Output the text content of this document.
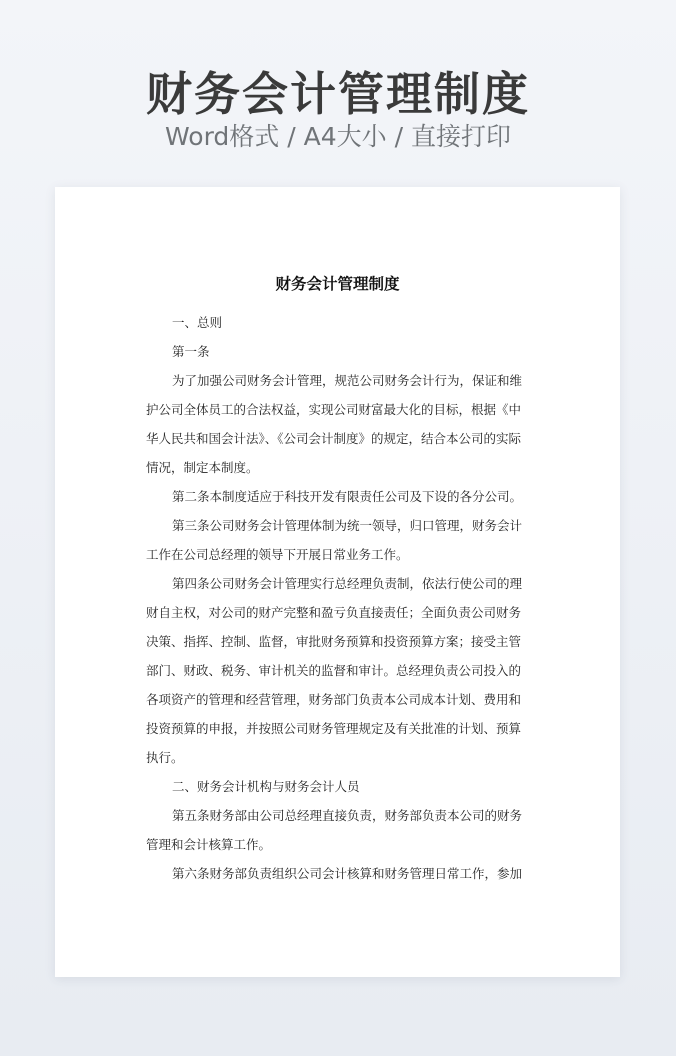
财务会计管理制度
Word格式 / A4大小 / 直接打印
财务会计管理制度

一、总则

第一条

为了加强公司财务会计管理，规范公司财务会计行为，保证和维

护公司全体员工的合法权益，实现公司财富最大化的目标，根据《中

华人民共和国会计法》、《公司会计制度》的规定，结合本公司的实际

情况，制定本制度。

第二条本制度适应于科技开发有限责任公司及下设的各分公司。

第三条公司财务会计管理体制为统一领导，归口管理，财务会计

工作在公司总经理的领导下开展日常业务工作。

第四条公司财务会计管理实行总经理负责制，依法行使公司的理

财自主权，对公司的财产完整和盈亏负直接责任；全面负责公司财务

决策、指挥、控制、监督，审批财务预算和投资预算方案；接受主管

部门、财政、税务、审计机关的监督和审计。总经理负责公司投入的

各项资产的管理和经营管理，财务部门负责本公司成本计划、费用和

投资预算的申报，并按照公司财务管理规定及有关批准的计划、预算

执行。

二、财务会计机构与财务会计人员

第五条财务部由公司总经理直接负责，财务部负责本公司的财务

管理和会计核算工作。

第六条财务部负责组织公司会计核算和财务管理日常工作，参加
